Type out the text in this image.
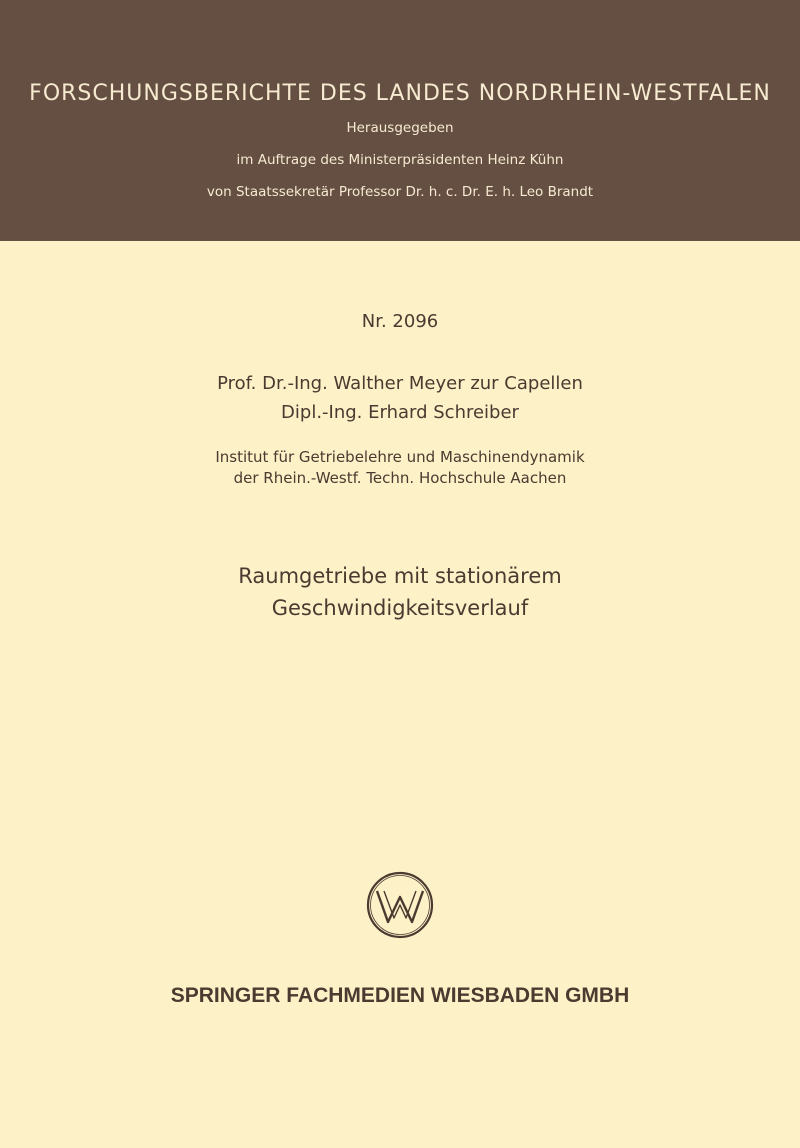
FORSCHUNGSBERICHTE DES LANDES NORDRHEIN-WESTFALEN
Herausgegeben
im Auftrage des Ministerpräsidenten Heinz Kühn
von Staatssekretär Professor Dr. h. c. Dr. E. h. Leo Brandt
Nr. 2096
Prof. Dr.-Ing. Walther Meyer zur Capellen
Dipl.-Ing. Erhard Schreiber
Institut für Getriebelehre und Maschinendynamik
der Rhein.-Westf. Techn. Hochschule Aachen
Raumgetriebe mit stationärem
Geschwindigkeitsverlauf
SPRINGER FACHMEDIEN WIESBADEN GMBH
